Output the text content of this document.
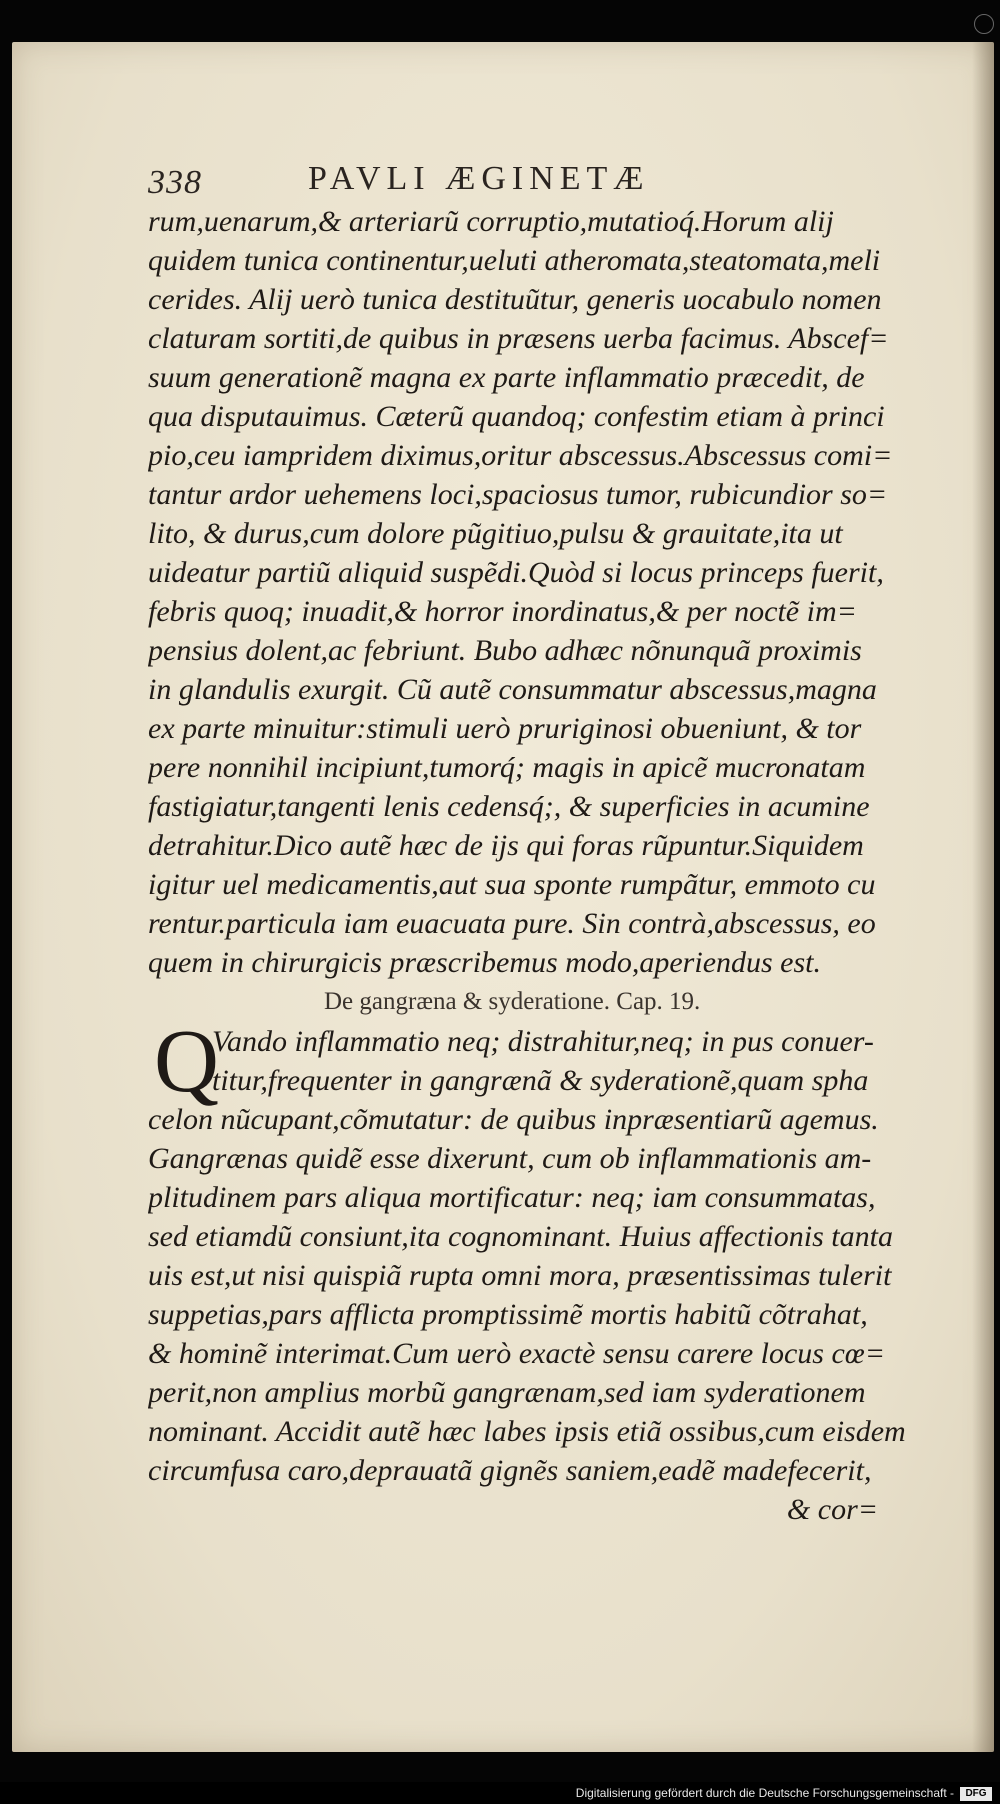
338	PAVLI ÆGINETÆ
rum,uenarum,& arteriarũ corruptio,mutatioq́.Horum alij
quidem tunica continentur,ueluti atheromata,steatomata,meli
cerides. Alij uerò tunica destituũtur, generis uocabulo nomen
claturam sortiti,de quibus in præsens uerba facimus. Abscef=
suum generationẽ magna ex parte inflammatio præcedit, de
qua disputauimus. Cæterũ quandoq; confestim etiam à princi
pio,ceu iampridem diximus,oritur abscessus.Abscessus comi=
tantur ardor uehemens loci,spaciosus tumor, rubicundior so=
lito, & durus,cum dolore pũgitiuo,pulsu & grauitate,ita ut
uideatur partiũ aliquid suspẽdi.Quòd si locus princeps fuerit,
febris quoq; inuadit,& horror inordinatus,& per noctẽ im=
pensius dolent,ac febriunt. Bubo adhæc nõnunquã proximis
in glandulis exurgit. Cũ autẽ consummatur abscessus,magna
ex parte minuitur:stimuli uerò pruriginosi obueniunt, & tor
pere nonnihil incipiunt,tumorq́; magis in apicẽ mucronatam
fastigiatur,tangenti lenis cedensq́;, & superficies in acumine
detrahitur.Dico autẽ hæc de ijs qui foras rũpuntur.Siquidem
igitur uel medicamentis,aut sua sponte rumpãtur, emmoto cu
rentur.particula iam euacuata pure. Sin contrà,abscessus, eo
quem in chirurgicis præscribemus modo,aperiendus est.
De gangræna & syderatione. Cap. 19.
Q
Vando inflammatio neq; distrahitur,neq; in pus conuer-
titur,frequenter in gangrænã & syderationẽ,quam spha
celon nũcupant,cõmutatur: de quibus inpræsentiarũ agemus.
Gangrænas quidẽ esse dixerunt, cum ob inflammationis am-
plitudinem pars aliqua mortificatur: neq; iam consummatas,
sed etiamdũ consiunt,ita cognominant. Huius affectionis tanta
uis est,ut nisi quispiã rupta omni mora, præsentissimas tulerit
suppetias,pars afflicta promptissimẽ mortis habitũ cõtrahat,
& hominẽ interimat.Cum uerò exactè sensu carere locus cœ=
perit,non amplius morbũ gangrænam,sed iam syderationem
nominant. Accidit autẽ hæc labes ipsis etiã ossibus,cum eisdem
circumfusa caro,deprauatã gignẽs saniem,eadẽ madefecerit,
& cor=
Digitalisierung gefördert durch die Deutsche Forschungsgemeinschaft -	DFG
